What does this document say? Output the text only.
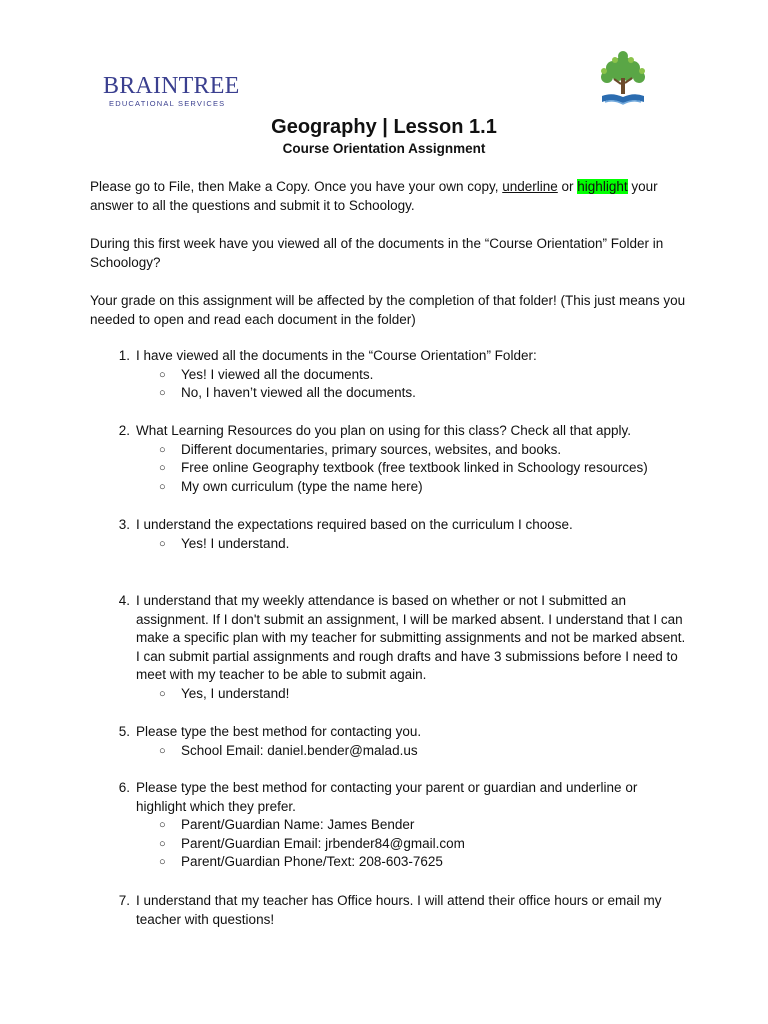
BRAINTREE
EDUCATIONAL SERVICES
Geography | Lesson 1.1
Course Orientation Assignment
Please go to File, then Make a Copy. Once you have your own copy, underline or highlight your answer to all the questions and submit it to Schoology.
During this first week have you viewed all of the documents in the “Course Orientation” Folder in Schoology?
Your grade on this assignment will be affected by the completion of that folder! (This just means you needed to open and read each document in the folder)
1. I have viewed all the documents in the “Course Orientation” Folder:
○ Yes! I viewed all the documents.
○ No, I haven’t viewed all the documents.
2. What Learning Resources do you plan on using for this class? Check all that apply.
○ Different documentaries, primary sources, websites, and books.
○ Free online Geography textbook (free textbook linked in Schoology resources)
○ My own curriculum (type the name here)
3. I understand the expectations required based on the curriculum I choose.
○ Yes! I understand.
4. I understand that my weekly attendance is based on whether or not I submitted an assignment. If I don't submit an assignment, I will be marked absent. I understand that I can make a specific plan with my teacher for submitting assignments and not be marked absent. I can submit partial assignments and rough drafts and have 3 submissions before I need to meet with my teacher to be able to submit again.
○ Yes, I understand!
5. Please type the best method for contacting you.
○ School Email: daniel.bender@malad.us
6. Please type the best method for contacting your parent or guardian and underline or highlight which they prefer.
○ Parent/Guardian Name: James Bender
○ Parent/Guardian Email: jrbender84@gmail.com
○ Parent/Guardian Phone/Text: 208-603-7625
7. I understand that my teacher has Office hours. I will attend their office hours or email my teacher with questions!
